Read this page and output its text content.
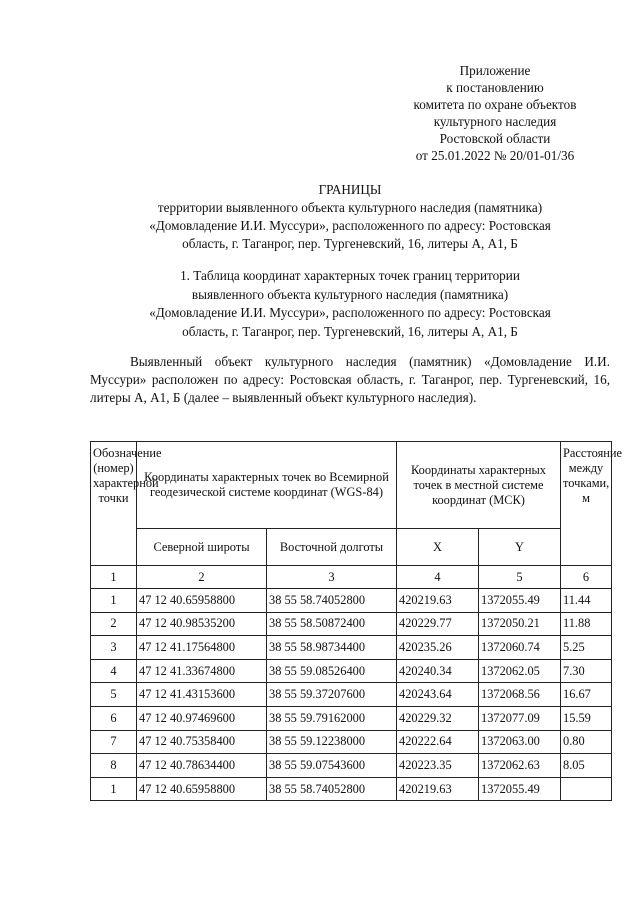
Приложение
к постановлению
комитета по охране объектов
культурного наследия
Ростовской области
от 25.01.2022 № 20/01-01/36
ГРАНИЦЫ
территории выявленного объекта культурного наследия (памятника)
«Домовладение И.И. Муссури», расположенного по адресу: Ростовская
область, г. Таганрог, пер. Тургеневский, 16, литеры А, А1, Б
1. Таблица координат характерных точек границ территории
выявленного объекта культурного наследия (памятника)
«Домовладение И.И. Муссури», расположенного по адресу: Ростовская
область, г. Таганрог, пер. Тургеневский, 16, литеры А, А1, Б
Выявленный объект культурного наследия (памятник) «Домовладение И.И. Муссури» расположен по адресу: Ростовская область, г. Таганрог, пер. Тургеневский, 16, литеры А, А1, Б (далее – выявленный объект культурного наследия).
Обозначение (номер) характерной точки	Координаты характерных точек во Всемирной геодезической системе координат (WGS-84)		Координаты характерных точек в местной системе координат (МСК)		Расстояние между точками, м
	Северной широты	Восточной долготы	X	Y	
1	2	3	4	5	6
1	47 12 40.65958800	38 55 58.74052800	420219.63	1372055.49	11.44
2	47 12 40.98535200	38 55 58.50872400	420229.77	1372050.21	11.88
3	47 12 41.17564800	38 55 58.98734400	420235.26	1372060.74	5.25
4	47 12 41.33674800	38 55 59.08526400	420240.34	1372062.05	7.30
5	47 12 41.43153600	38 55 59.37207600	420243.64	1372068.56	16.67
6	47 12 40.97469600	38 55 59.79162000	420229.32	1372077.09	15.59
7	47 12 40.75358400	38 55 59.12238000	420222.64	1372063.00	0.80
8	47 12 40.78634400	38 55 59.07543600	420223.35	1372062.63	8.05
1	47 12 40.65958800	38 55 58.74052800	420219.63	1372055.49	
